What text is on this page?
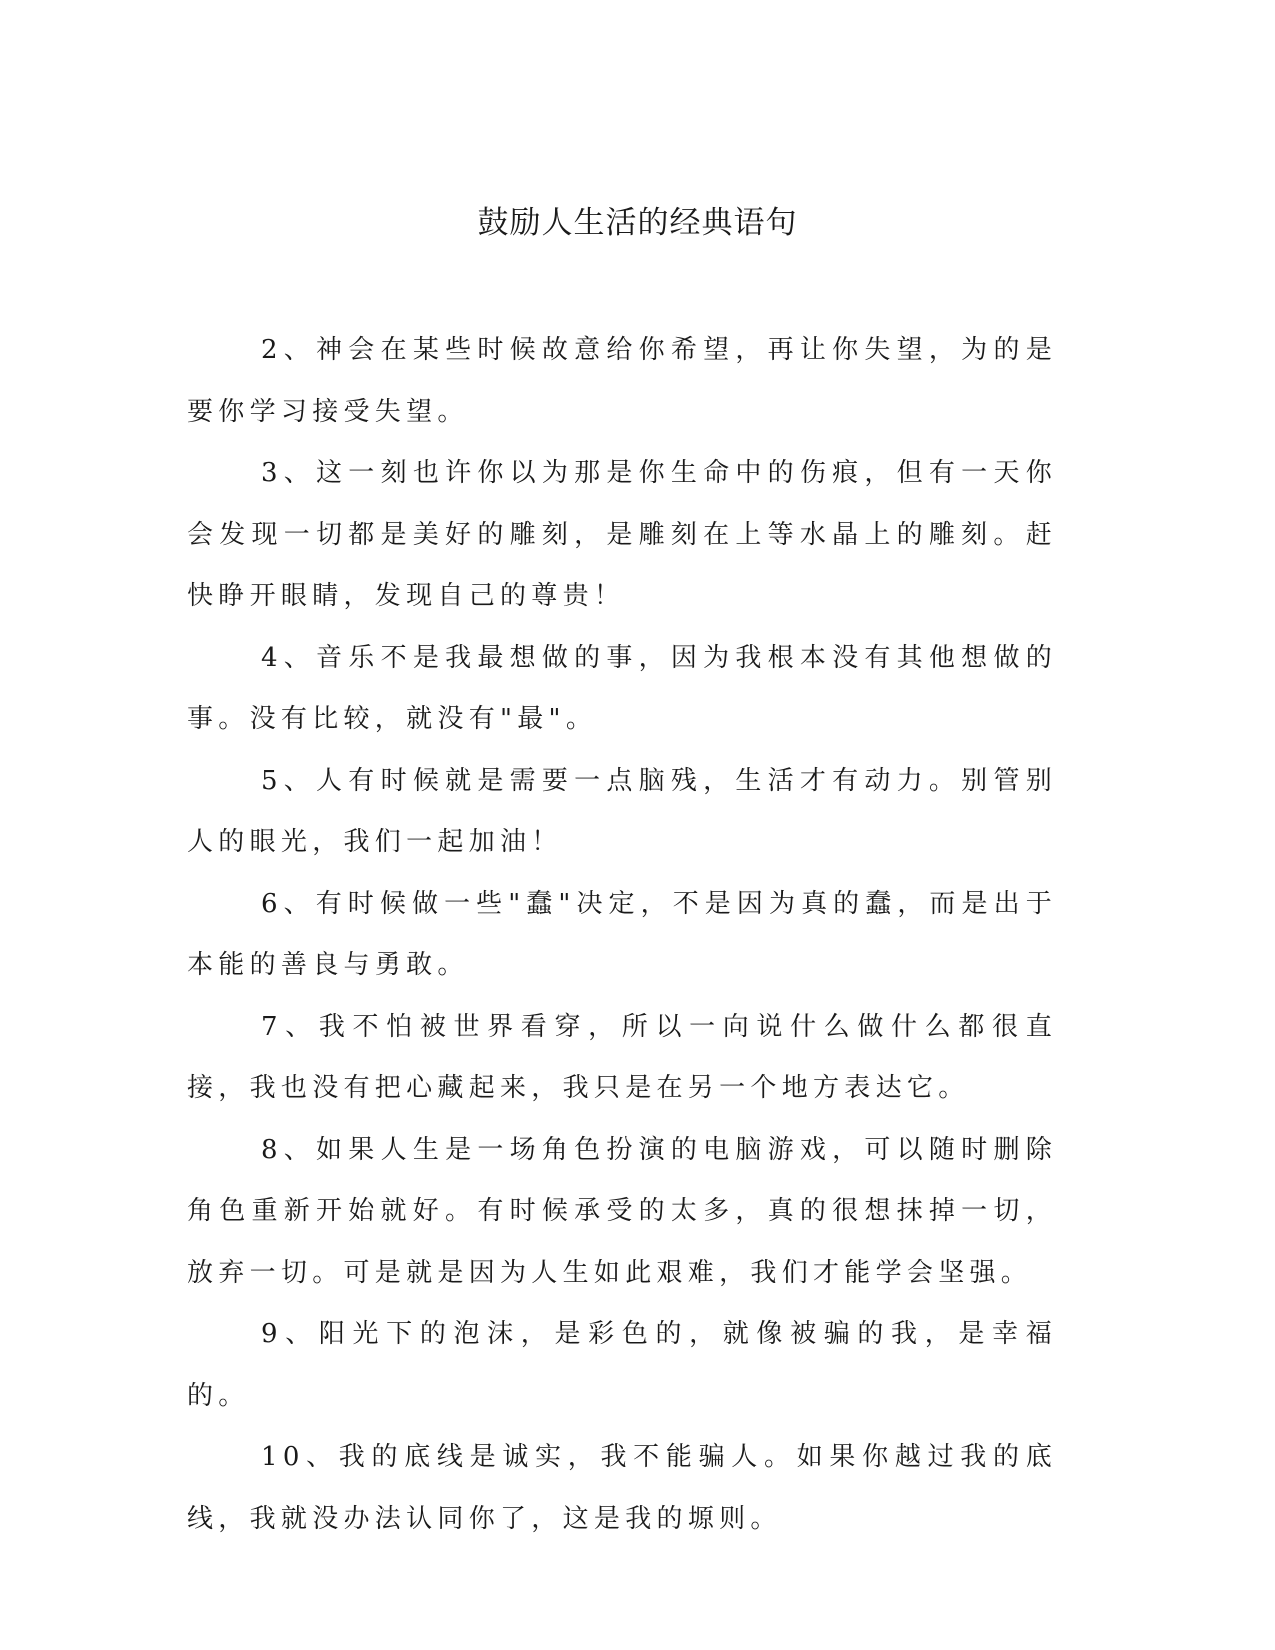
鼓励人生活的经典语句

2、神会在某些时候故意给你希望，再让你失望，为的是要你学习接受失望。

3、这一刻也许你以为那是你生命中的伤痕，但有一天你会发现一切都是美好的雕刻，是雕刻在上等水晶上的雕刻。赶快睁开眼睛，发现自己的尊贵！

4、音乐不是我最想做的事，因为我根本没有其他想做的事。没有比较，就没有"最"。

5、人有时候就是需要一点脑残，生活才有动力。别管别人的眼光，我们一起加油！

6、有时候做一些"蠢"决定，不是因为真的蠢，而是出于本能的善良与勇敢。

7、我不怕被世界看穿，所以一向说什么做什么都很直接，我也没有把心藏起来，我只是在另一个地方表达它。

8、如果人生是一场角色扮演的电脑游戏，可以随时删除角色重新开始就好。有时候承受的太多，真的很想抹掉一切，放弃一切。可是就是因为人生如此艰难，我们才能学会坚强。

9、阳光下的泡沫，是彩色的，就像被骗的我，是幸福的。

10、我的底线是诚实，我不能骗人。如果你越过我的底线，我就没办法认同你了，这是我的塬则。
